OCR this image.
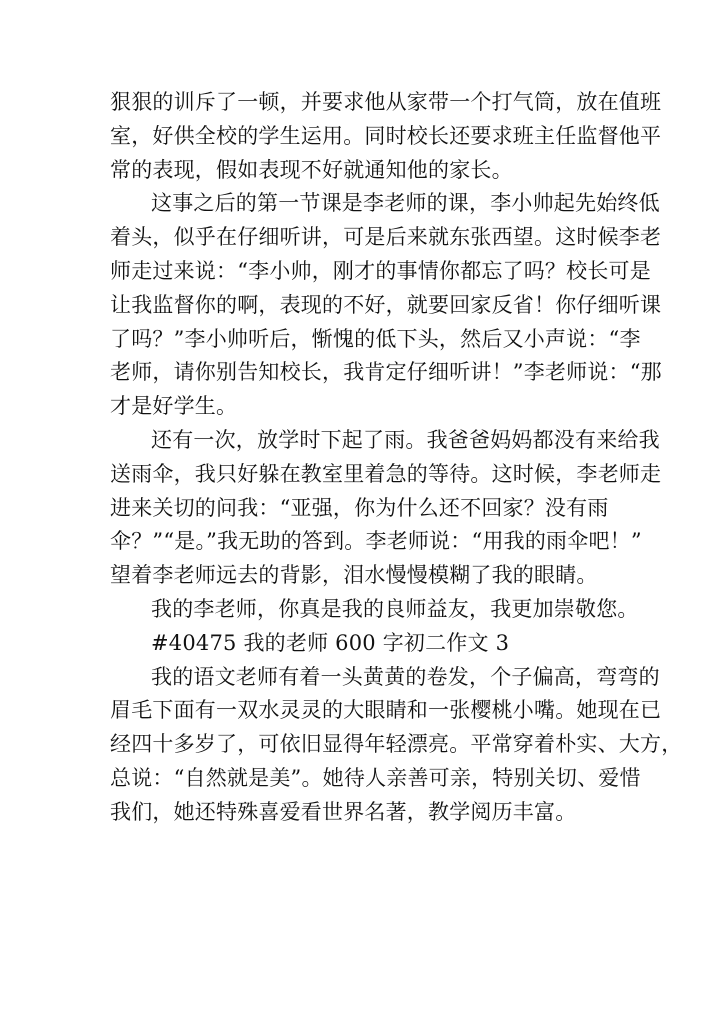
狠狠的训斥了一顿，并要求他从家带一个打气筒，放在值班
室，好供全校的学生运用。同时校长还要求班主任监督他平
常的表现，假如表现不好就通知他的家长。
这事之后的第一节课是李老师的课，李小帅起先始终低
着头，似乎在仔细听讲，可是后来就东张西望。这时候李老
师走过来说：“李小帅，刚才的事情你都忘了吗？校长可是
让我监督你的啊，表现的不好，就要回家反省！你仔细听课
了吗？”李小帅听后，惭愧的低下头，然后又小声说：“李
老师，请你别告知校长，我肯定仔细听讲！”李老师说：“那
才是好学生。
还有一次，放学时下起了雨。我爸爸妈妈都没有来给我
送雨伞，我只好躲在教室里着急的等待。这时候，李老师走
进来关切的问我：“亚强，你为什么还不回家？没有雨
伞？”“是。”我无助的答到。李老师说：“用我的雨伞吧！”
望着李老师远去的背影，泪水慢慢模糊了我的眼睛。
我的李老师，你真是我的良师益友，我更加崇敬您。
#40475 我的老师 600 字初二作文 3
我的语文老师有着一头黄黄的卷发，个子偏高，弯弯的
眉毛下面有一双水灵灵的大眼睛和一张樱桃小嘴。她现在已
经四十多岁了，可依旧显得年轻漂亮。平常穿着朴实、大方，
总说：“自然就是美”。她待人亲善可亲，特别关切、爱惜
我们，她还特殊喜爱看世界名著，教学阅历丰富。
